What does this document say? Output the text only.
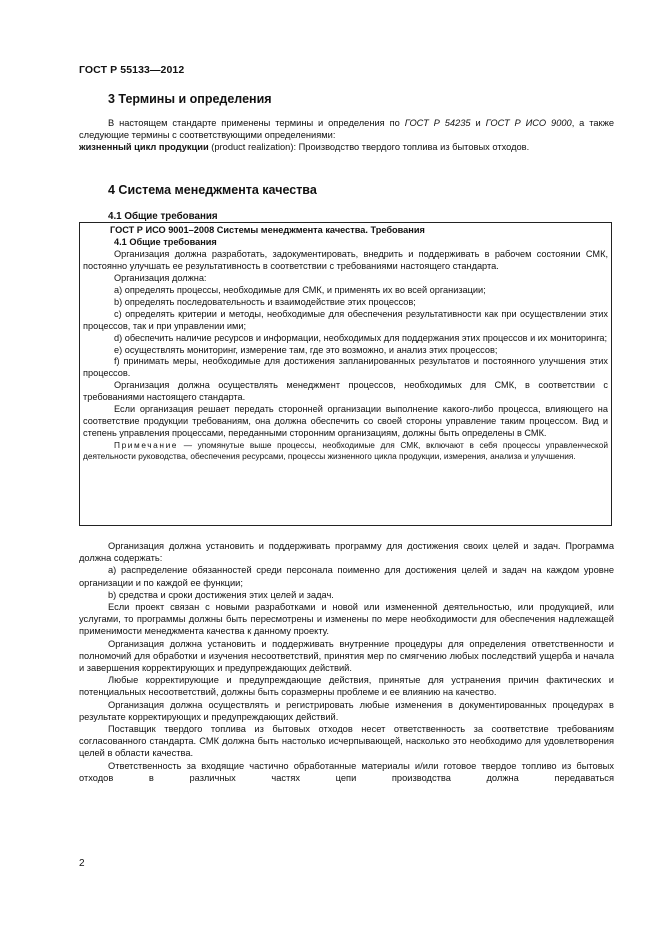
ГОСТ Р 55133—2012
3 Термины и определения

В настоящем стандарте применены термины и определения по ГОСТ Р 54235 и ГОСТ Р ИСО 9000, а также следующие термины с соответствующими определениями:

жизненный цикл продукции (product realization): Производство твердого топлива из бытовых отходов.

4 Система менеджмента качества
4.1 Общие требования

ГОСТ Р ИСО 9001–2008 Системы менеджмента качества. Требования

4.1 Общие требования

Организация должна разработать, задокументировать, внедрить и поддерживать в рабочем состоянии СМК, постоянно улучшать ее результативность в соответствии с требованиями настоящего стандарта.

Организация должна:

a) определять процессы, необходимые для СМК, и применять их во всей организации;

b) определять последовательность и взаимодействие этих процессов;

c) определять критерии и методы, необходимые для обеспечения результативности как при осуществлении этих процессов, так и при управлении ими;

d) обеспечить наличие ресурсов и информации, необходимых для поддержания этих процессов и их мониторинга;

e) осуществлять мониторинг, измерение там, где это возможно, и анализ этих процессов;

f) принимать меры, необходимые для достижения запланированных результатов и постоянного улучшения этих процессов.

Организация должна осуществлять менеджмент процессов, необходимых для СМК, в соответствии с требованиями настоящего стандарта.

Если организация решает передать сторонней организации выполнение какого-либо процесса, влияющего на соответствие продукции требованиям, она должна обеспечить со своей стороны управление таким процессом. Вид и степень управления процессами, переданными сторонним организациям, должны быть определены в СМК.

Примечание — упомянутые выше процессы, необходимые для СМК, включают в себя процессы управленческой деятельности руководства, обеспечения ресурсами, процессы жизненного цикла продукции, измерения, анализа и улучшения.

Организация должна установить и поддерживать программу для достижения своих целей и задач. Программа должна содержать:

a) распределение обязанностей среди персонала поименно для достижения целей и задач на каждом уровне организации и по каждой ее функции;

b) средства и сроки достижения этих целей и задач.

Если проект связан с новыми разработками и новой или измененной деятельностью, или продукцией, или услугами, то программы должны быть пересмотрены и изменены по мере необходимости для обеспечения надлежащей применимости менеджмента качества к данному проекту.

Организация должна установить и поддерживать внутренние процедуры для определения ответственности и полномочий для обработки и изучения несоответствий, принятия мер по смягчению любых последствий ущерба и начала и завершения корректирующих и предупреждающих действий.

Любые корректирующие и предупреждающие действия, принятые для устранения причин фактических и потенциальных несоответствий, должны быть соразмерны проблеме и ее влиянию на качество.

Организация должна осуществлять и регистрировать любые изменения в документированных процедурах в результате корректирующих и предупреждающих действий.

Поставщик твердого топлива из бытовых отходов несет ответственность за соответствие требованиям согласованного стандарта. СМК должна быть настолько исчерпывающей, насколько это необходимо для удовлетворения целей в области качества.

Ответственность за входящие частично обработанные материалы и/или готовое твердое топливо из бытовых отходов в различных частях цепи производства должна передаваться

2
